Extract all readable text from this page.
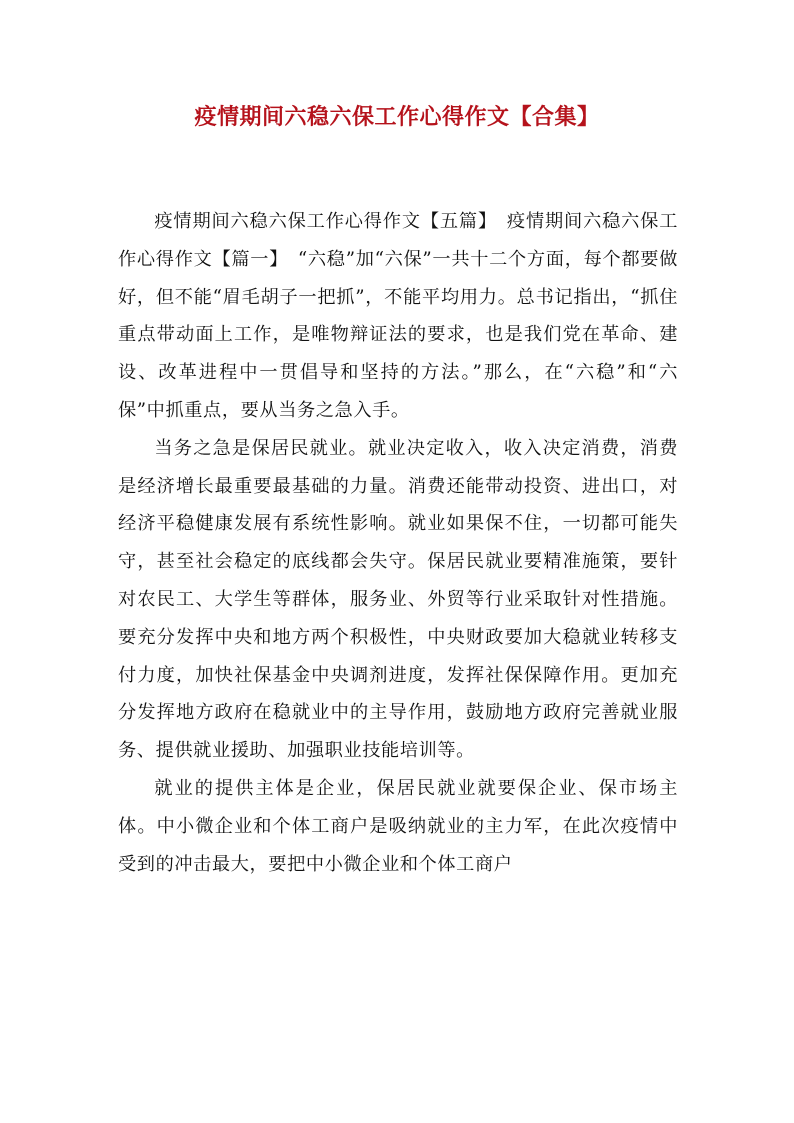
疫情期间六稳六保工作心得作文【合集】

疫情期间六稳六保工作心得作文【五篇】　疫情期间六稳六保工作心得作文【篇一】　“六稳”加“六保”一共十二个方面，每个都要做好，但不能“眉毛胡子一把抓”，不能平均用力。总书记指出，“抓住重点带动面上工作，是唯物辩证法的要求，也是我们党在革命、建设、改革进程中一贯倡导和坚持的方法。”那么，在“六稳”和“六保”中抓重点，要从当务之急入手。

当务之急是保居民就业。就业决定收入，收入决定消费，消费是经济增长最重要最基础的力量。消费还能带动投资、进出口，对经济平稳健康发展有系统性影响。就业如果保不住，一切都可能失守，甚至社会稳定的底线都会失守。保居民就业要精准施策，要针对农民工、大学生等群体，服务业、外贸等行业采取针对性措施。要充分发挥中央和地方两个积极性，中央财政要加大稳就业转移支付力度，加快社保基金中央调剂进度，发挥社保保障作用。更加充分发挥地方政府在稳就业中的主导作用，鼓励地方政府完善就业服务、提供就业援助、加强职业技能培训等。

就业的提供主体是企业，保居民就业就要保企业、保市场主体。中小微企业和个体工商户是吸纳就业的主力军，在此次疫情中受到的冲击最大，要把中小微企业和个体工商户
